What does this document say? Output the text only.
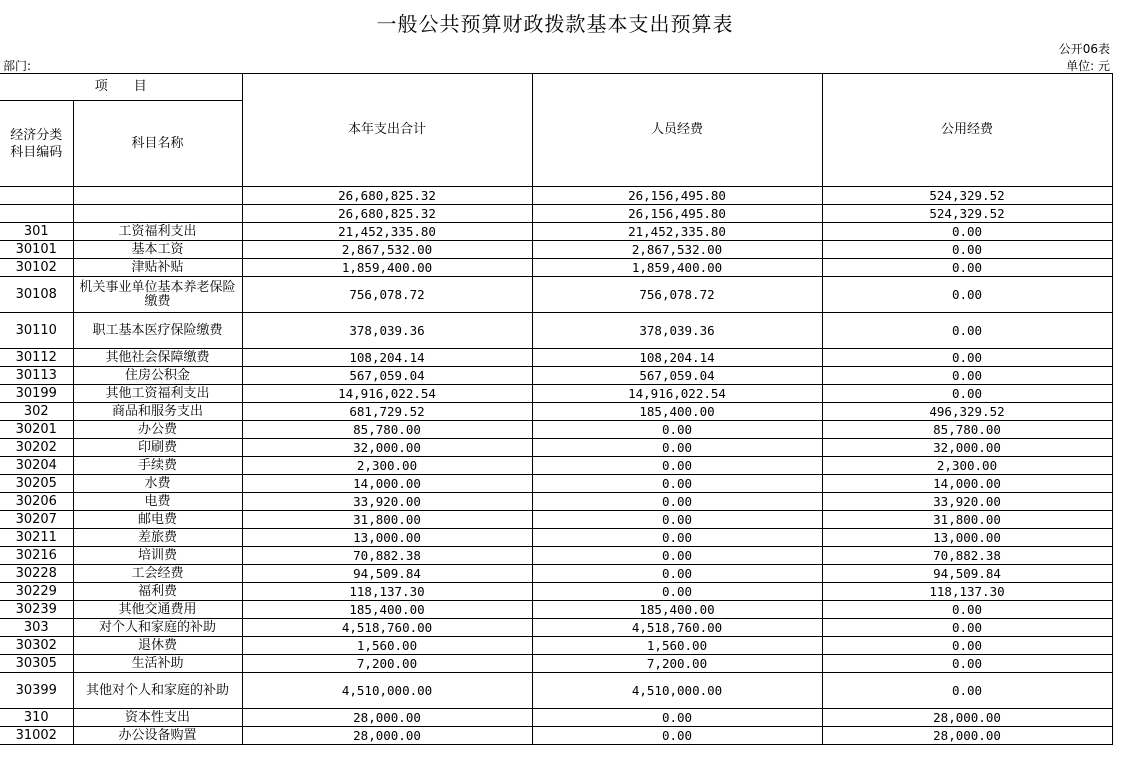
一般公共预算财政拨款基本支出预算表
公开06表
部门:	单位: 元
项　　目		本年支出合计	人员经费	公用经费
经济分类科目编码	科目名称			
		26,680,825.32	26,156,495.80	524,329.52
		26,680,825.32	26,156,495.80	524,329.52
301	工资福利支出	21,452,335.80	21,452,335.80	0.00
30101	基本工资	2,867,532.00	2,867,532.00	0.00
30102	津贴补贴	1,859,400.00	1,859,400.00	0.00
30108	机关事业单位基本养老保险缴费	756,078.72	756,078.72	0.00
30110	职工基本医疗保险缴费	378,039.36	378,039.36	0.00
30112	其他社会保障缴费	108,204.14	108,204.14	0.00
30113	住房公积金	567,059.04	567,059.04	0.00
30199	其他工资福利支出	14,916,022.54	14,916,022.54	0.00
302	商品和服务支出	681,729.52	185,400.00	496,329.52
30201	办公费	85,780.00	0.00	85,780.00
30202	印刷费	32,000.00	0.00	32,000.00
30204	手续费	2,300.00	0.00	2,300.00
30205	水费	14,000.00	0.00	14,000.00
30206	电费	33,920.00	0.00	33,920.00
30207	邮电费	31,800.00	0.00	31,800.00
30211	差旅费	13,000.00	0.00	13,000.00
30216	培训费	70,882.38	0.00	70,882.38
30228	工会经费	94,509.84	0.00	94,509.84
30229	福利费	118,137.30	0.00	118,137.30
30239	其他交通费用	185,400.00	185,400.00	0.00
303	对个人和家庭的补助	4,518,760.00	4,518,760.00	0.00
30302	退休费	1,560.00	1,560.00	0.00
30305	生活补助	7,200.00	7,200.00	0.00
30399	其他对个人和家庭的补助	4,510,000.00	4,510,000.00	0.00
310	资本性支出	28,000.00	0.00	28,000.00
31002	办公设备购置	28,000.00	0.00	28,000.00
